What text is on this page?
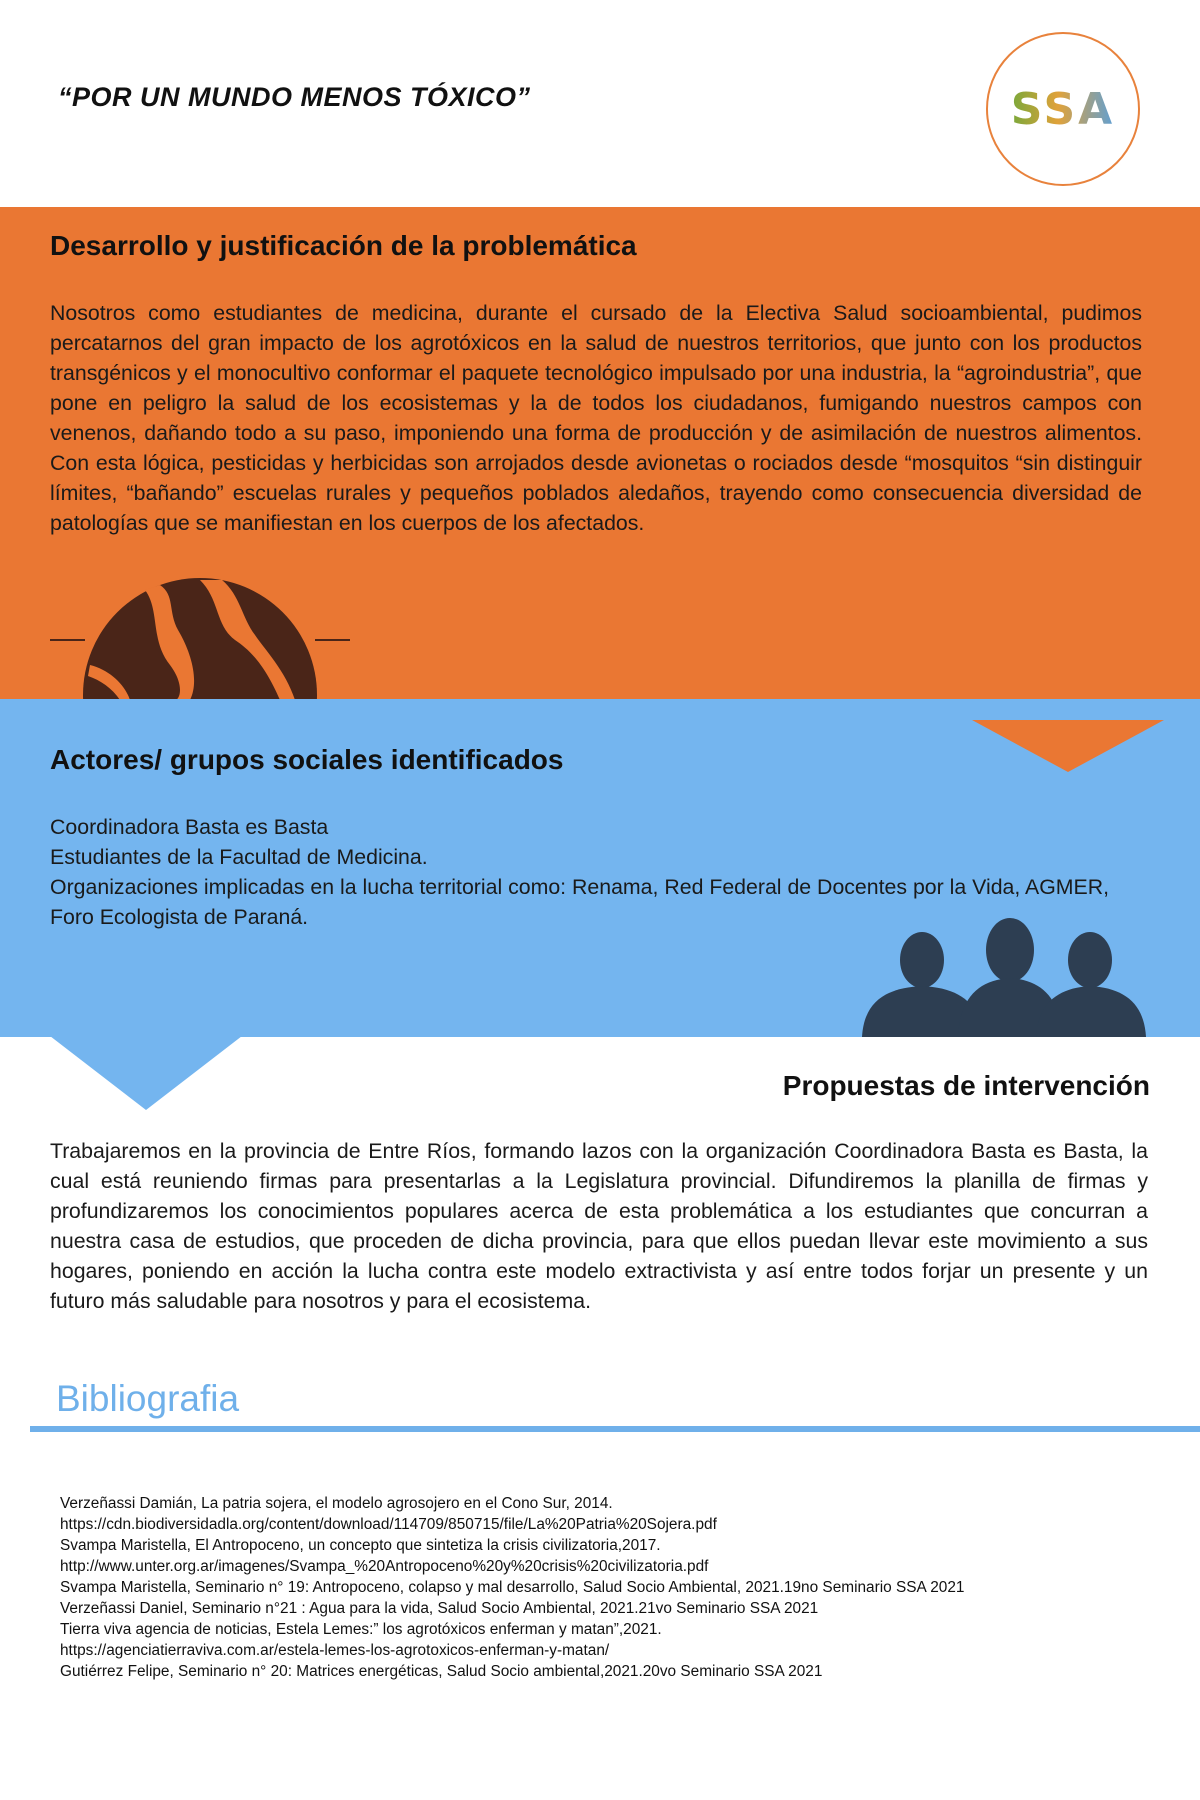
“POR UN MUNDO MENOS TÓXICO”	SSA
Desarrollo y justificación de la problemática
Nosotros como estudiantes de medicina, durante el cursado de la Electiva Salud socioambiental, pudimos percatarnos del gran impacto de los agrotóxicos en la salud de nuestros territorios, que junto con los productos transgénicos y el monocultivo conformar el paquete tecnológico impulsado por una industria, la “agroindustria”, que pone en peligro la salud de los ecosistemas y la de todos los ciudadanos, fumigando nuestros campos con venenos, dañando todo a su paso, imponiendo una forma de producción y de asimilación de nuestros alimentos. Con esta lógica, pesticidas y herbicidas son arrojados desde avionetas o rociados desde “mosquitos “sin distinguir límites, “bañando” escuelas rurales y pequeños poblados aledaños, trayendo como consecuencia diversidad de patologías que se manifiestan en los cuerpos de los afectados.
Actores/ grupos sociales identificados
Coordinadora Basta es Basta
Estudiantes de la Facultad de Medicina.
Organizaciones implicadas en la lucha territorial como: Renama, Red Federal de Docentes por la Vida, AGMER, Foro Ecologista de Paraná.
Propuestas de intervención
Trabajaremos en la provincia de Entre Ríos, formando lazos con la organización Coordinadora Basta es Basta, la cual está reuniendo firmas para presentarlas a la Legislatura provincial. Difundiremos la planilla de firmas y profundizaremos los conocimientos populares acerca de esta problemática a los estudiantes que concurran a nuestra casa de estudios, que proceden de dicha provincia, para que ellos puedan llevar este movimiento a sus hogares, poniendo en acción la lucha contra este modelo extractivista y así entre todos forjar un presente y un futuro más saludable para nosotros y para el ecosistema.
Bibliografia
Verzeñassi Damián, La patria sojera, el modelo agrosojero en el Cono Sur, 2014.
https://cdn.biodiversidadla.org/content/download/114709/850715/file/La%20Patria%20Sojera.pdf
Svampa Maristella, El Antropoceno, un concepto que sintetiza la crisis civilizatoria,2017.
http://www.unter.org.ar/imagenes/Svampa_%20Antropoceno%20y%20crisis%20civilizatoria.pdf
Svampa Maristella, Seminario n° 19: Antropoceno, colapso y mal desarrollo, Salud Socio Ambiental, 2021.19no Seminario SSA 2021
Verzeñassi Daniel, Seminario n°21 : Agua para la vida, Salud Socio Ambiental, 2021.21vo Seminario SSA 2021
Tierra viva agencia de noticias, Estela Lemes:” los agrotóxicos enferman y matan”,2021.
https://agenciatierraviva.com.ar/estela-lemes-los-agrotoxicos-enferman-y-matan/
Gutiérrez Felipe, Seminario n° 20: Matrices energéticas, Salud Socio ambiental,2021.20vo Seminario SSA 2021
